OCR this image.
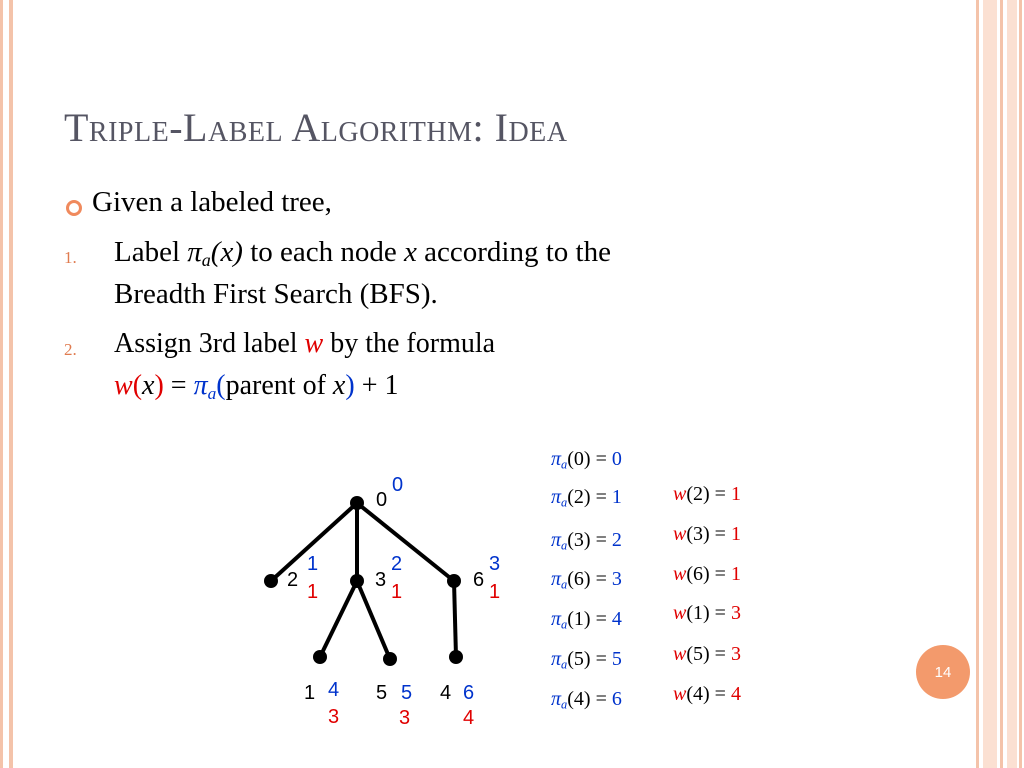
Triple-Label Algorithm: Idea
Given a labeled tree,
1. Label $\pi_a(x)$ to each node x according to the
Breadth First Search (BFS).
2. Assign 3rd label w by the formula
$w(x) = \pi_a(parent$ of x) + 1
0
0
2
1
1
3
2
1
6
3
1
1 4
3
5 5
3
4 6
4
$\pi_a(0) = 0$
$\pi_a(2) = 1$
$\pi_a(3) = 2$
$\pi_a(6) = 3$
$\pi_a(1) = 4$
$\pi_a(5) = 5$
$\pi_a(4) = 6$
w(2) = 1
w(3) = 1
w(6) = 1
w(1) = 3
w(5) = 3
w(4) = 4
14
